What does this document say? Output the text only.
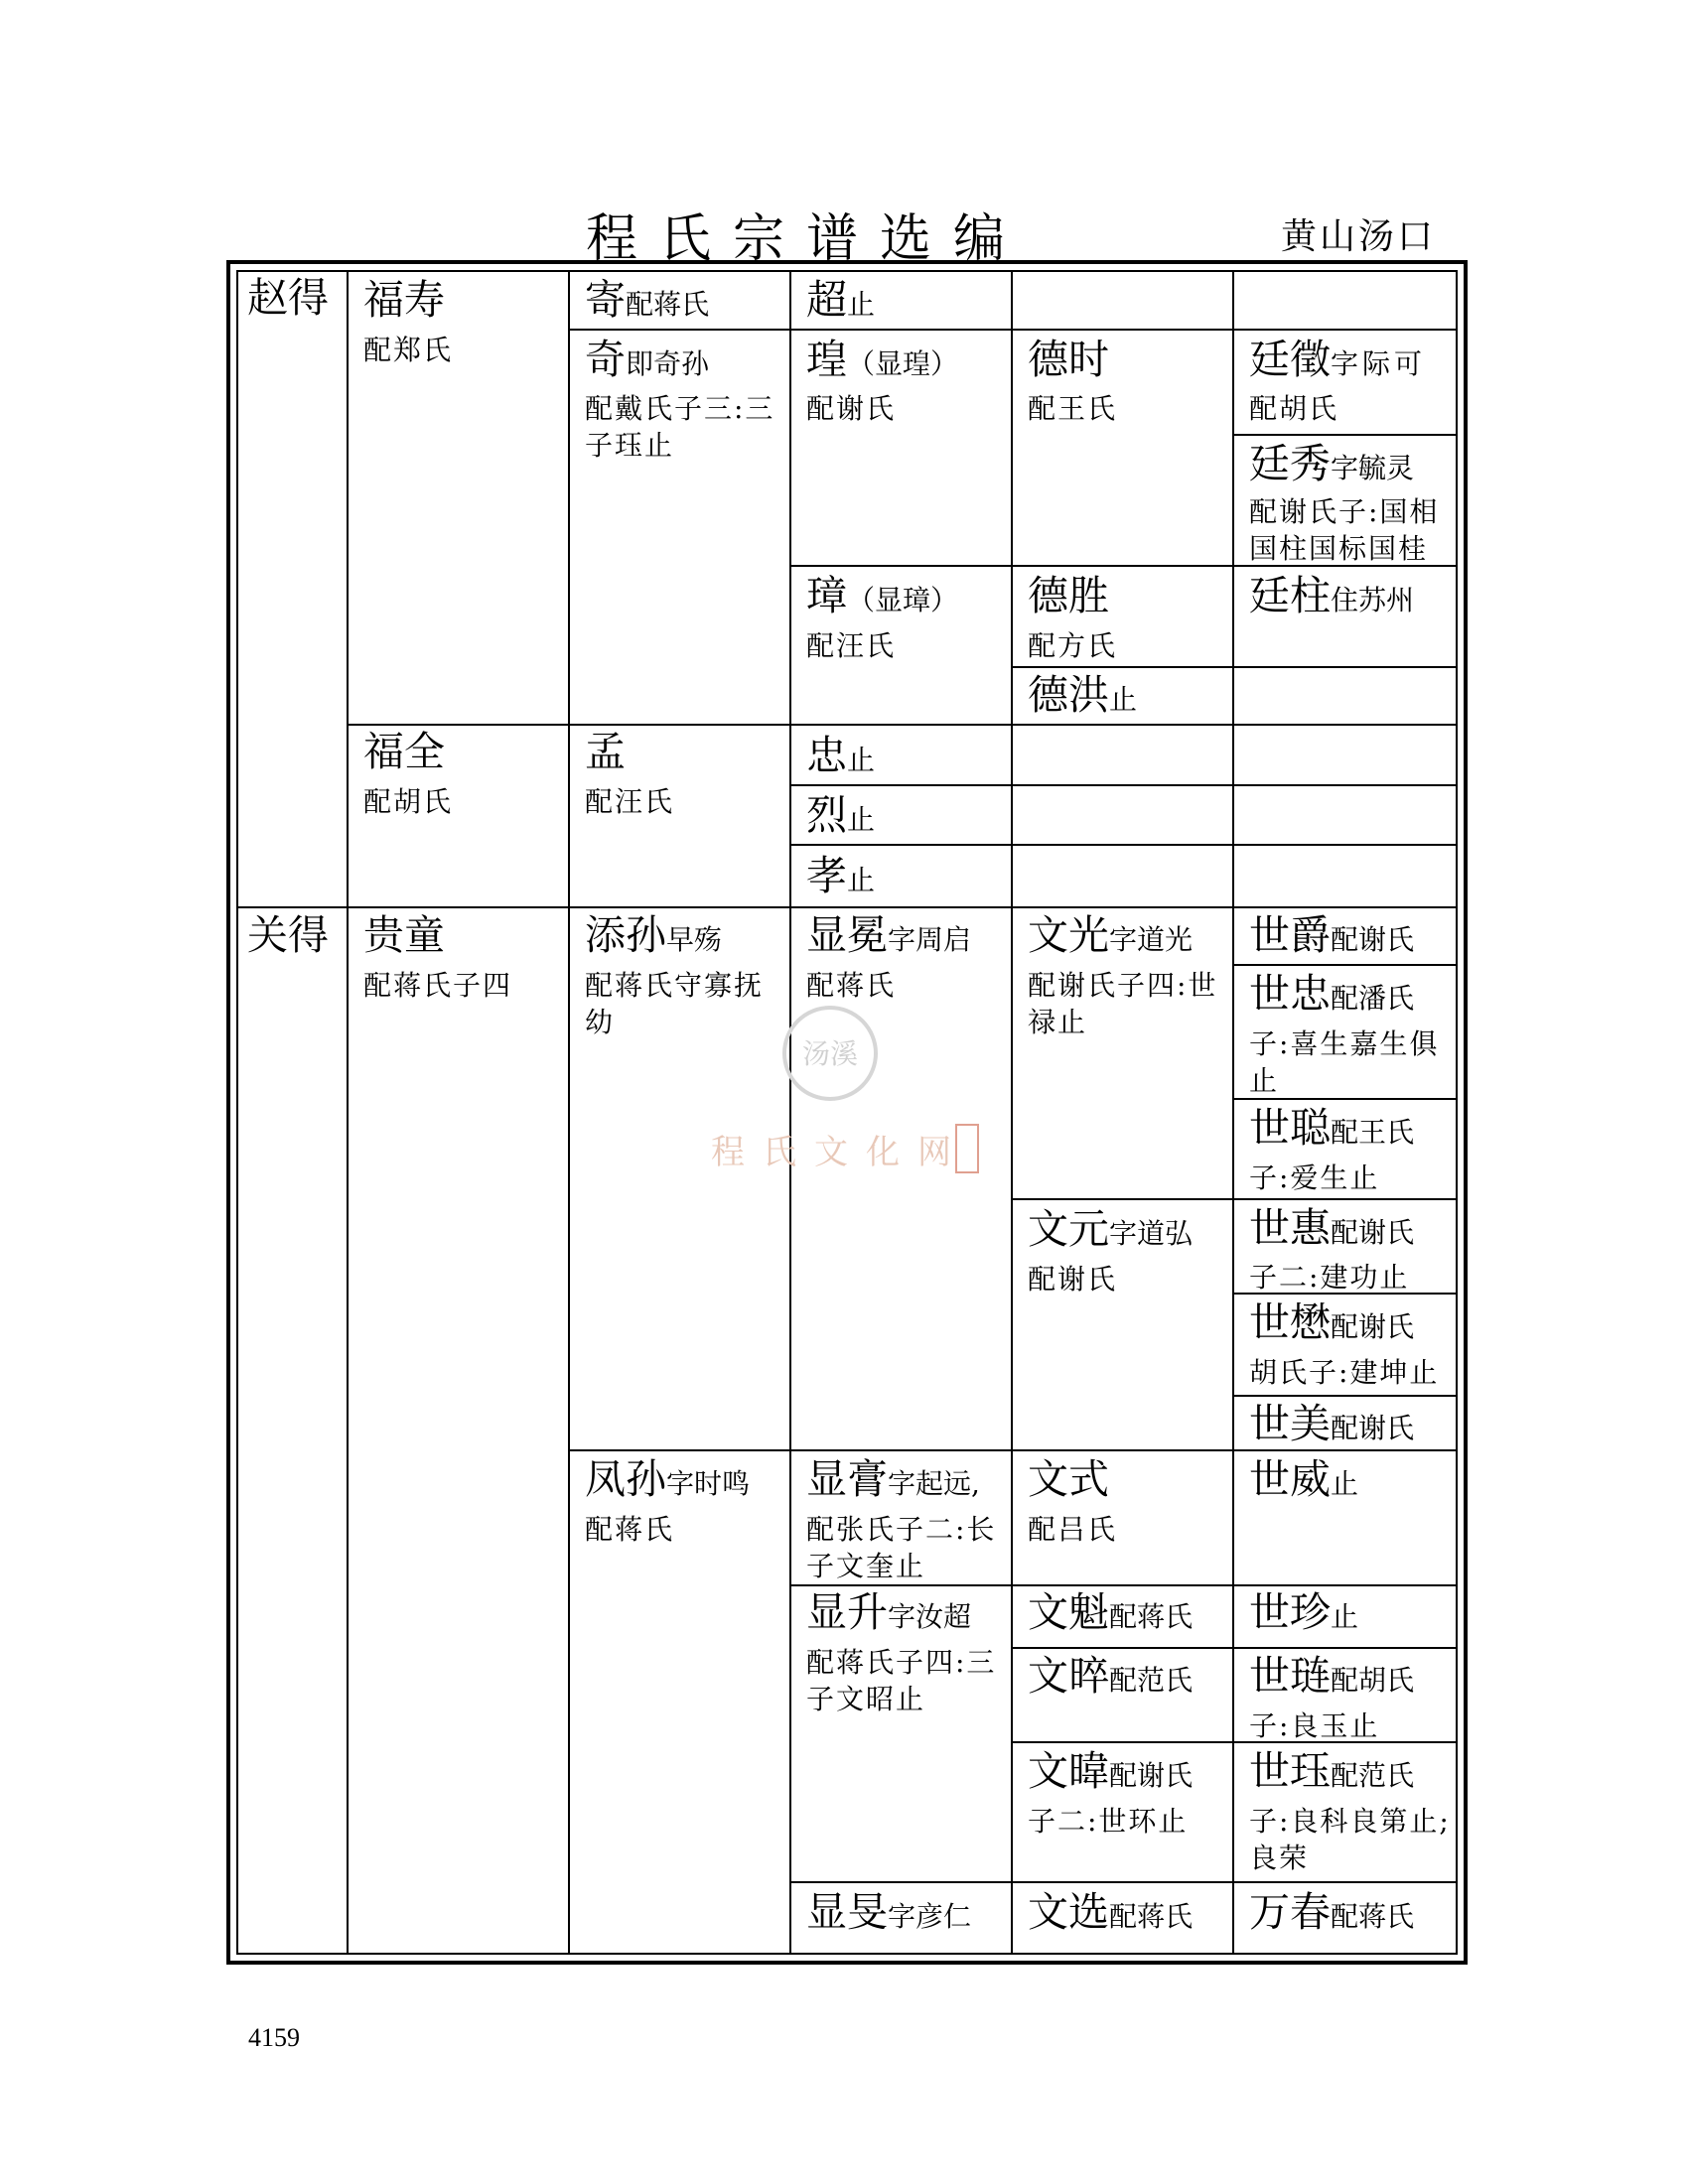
程氏宗谱选编	黄山汤口
赵得
关得
福寿
配郑氏
福全
配胡氏
贵童
配蒋氏子四
寄配蒋氏
奇即奇孙
配戴氏子三:三子珏止
孟
配汪氏
添孙早殇
配蒋氏守寡抚幼
凤孙字时鸣
配蒋氏
超止
瑝（显瑝）
配谢氏
璋（显璋）
配汪氏
忠止
烈止
孝止
显冕字周启
配蒋氏
显膏字起远,
配张氏子二:长子文奎止
显升字汝超
配蒋氏子四:三子文昭止
显旻字彦仁
德时
配王氏
德胜
配方氏
德洪止
文光字道光
配谢氏子四:世禄止
文元字道弘
配谢氏
文式
配吕氏
文魁配蒋氏
文晬配范氏
文暐配谢氏
子二:世环止
文选配蒋氏
廷徵字际可
配胡氏
廷秀字毓灵
配谢氏子:国相国柱国标国桂
廷柱住苏州
世爵配谢氏
世忠配潘氏
子:喜生嘉生俱止
世聪配王氏
子:爱生止
世惠配谢氏
子二:建功止
世懋配谢氏
胡氏子:建坤止
世美配谢氏
世威止
世珍止
世琏配胡氏
子:良玉止
世珏配范氏
子:良科良第止;良荣
万春配蒋氏
汤溪
程氏文化网
4159
